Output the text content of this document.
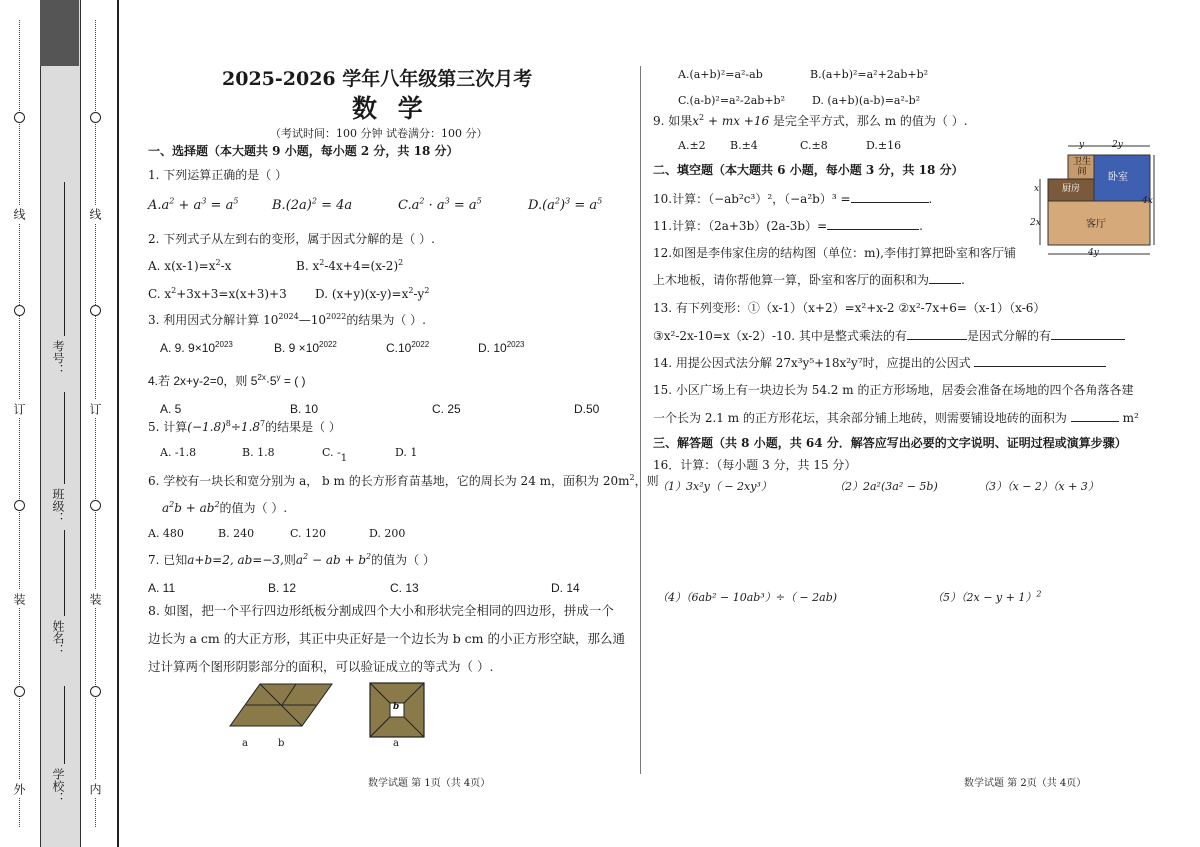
外
装
订
线
内
装
订
线
学校：
姓名：
班级：
考号：
2025-2026 学年八年级第三次月考
数 学
（考试时间：100 分钟 试卷满分：100 分）
一、选择题（本大题共 9 小题，每小题 2 分，共 18 分）
1. 下列运算正确的是（ ）
$A.a^2 + a^3 = a^5$	$B.(2a)^2 = 4a$	$C.a^2 \cdot a^3 = a^5$	$D.(a^2)^3 = a^5$
2. 下列式子从左到右的变形，属于因式分解的是（ ）.
A. $x(x-1)=x^2-x$	B. $x^2-4x+4=(x-2)^2$
C. $x^2+3x+3=x(x+3)+3$ D. $(x+y)(x-y)=x^2-y^2$
3. 利用因式分解计算 $10^{2024}—10^{2022}$的结果为（ ）.
A. 9. $9\times 10^{2023}$	B. $9 \times 10^{2022}$	$C.10^{2022}$	D. $10^{2023}$
4.若 2x+y-2=0，则 $5^{2x}\cdot 5^y$ = ( )
A. 5	B. 10	C. 25	D.50
5. 计算$(-1.8)^8\div 1.8^7$的结果是（ ）
A. -1.8	B. 1.8	C. -1	D. 1
6. 学校有一块长和宽分别为 a， b m 的长方形育苗基地，它的周长为 24 m，面积为 $20m^2$，则
$a^2b + ab^2$的值为（ ）.
A. 480	B. 240	C. 120	D. 200
7. 已知a+b=2, ab=−3,则$a^2$ − ab + $b^2$的值为（ ）
A. 11	B. 12	C. 13	D. 14
8. 如图，把一个平行四边形纸板分割成四个大小和形状完全相同的四边形，拼成一个
边长为 a cm 的大正方形，其正中央正好是一个边长为 b cm 的小正方形空缺，那么通
过计算两个图形阴影部分的面积，可以验证成立的等式为（ ）.
a	b
b
a
数学试题 第 1页（共 4页）
A.(a+b)²=a²-ab	B.(a+b)²=a²+2ab+b²
C.(a-b)²=a²-2ab+b² D. (a+b)(a-b)=a²-b²
9. 如果$x^2$ + mx +16 是完全平方式，那么 m 的值为（ ）.
A.±2 B.±4	C.±8	D.±16
二、填空题（本大题共 6 小题，每小题 3 分，共 18 分）
10.计算：（−ab²c³）²，（−a²b）³ =	.
11.计算：（2a+3b）(2a-3b）=	.
12.如图是李伟家住房的结构图（单位：m),李伟打算把卧室和客厅铺
上木地板，请你帮他算一算，卧室和客厅的面积和为	.
卫生间	卧室
厨房
客厅
y	2y
4y
x
2x
4x
13. 有下列变形：①（x-1）（x+2）=x²+x-2 ②x²-7x+6=（x-1）（x-6）
③x²-2x-10=x（x-2）-10. 其中是整式乘法的有	是因式分解的有
14. 用提公因式法分解 27x³y⁵+18x²y⁷时，应提出的公因式
15. 小区广场上有一块边长为 54.2 m 的正方形场地，居委会准备在场地的四个各角落各建
一个长为 2.1 m 的正方形花坛，其余部分铺上地砖，则需要铺设地砖的面积为	m²
三、解答题（共 8 小题，共 64 分．解答应写出必要的文字说明、证明过程或演算步骤）
16．计算：（每小题 3 分，共 15 分）
（1）3x²y（ − 2xy³）	（2）2a²(3a² − 5b)	（3）（x − 2）（x + 3）
（4）（6ab² − 10ab³）÷（ − 2ab)	$(5)(2x - y + 1)^2$
数学试题 第 2页（共 4页）
